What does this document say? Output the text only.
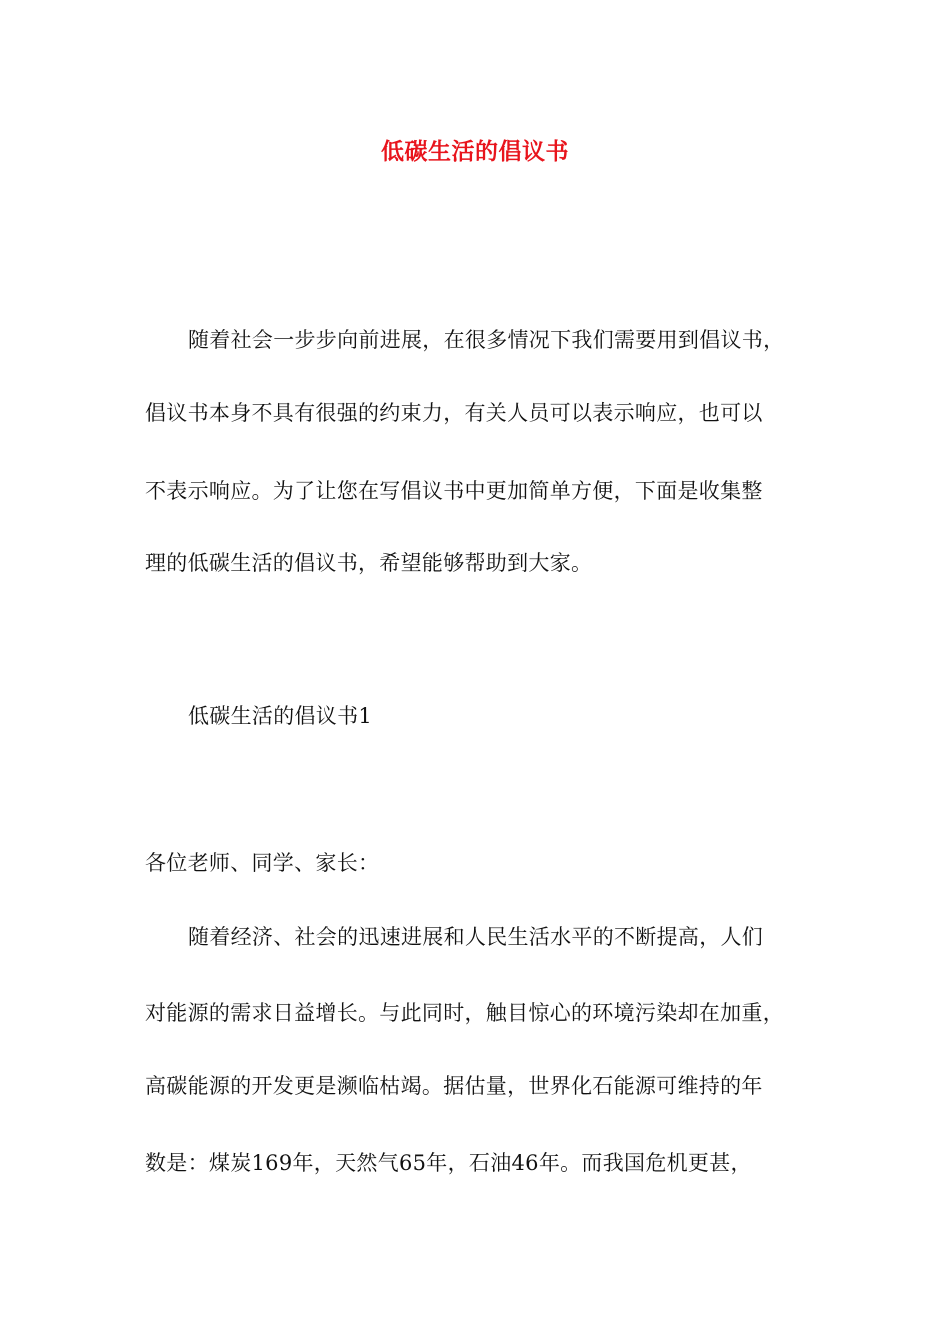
低碳生活的倡议书
随着社会一步步向前进展，在很多情况下我们需要用到倡议书，
倡议书本身不具有很强的约束力，有关人员可以表示响应，也可以
不表示响应。为了让您在写倡议书中更加简单方便，下面是收集整
理的低碳生活的倡议书，希望能够帮助到大家。
低碳生活的倡议书1
各位老师、同学、家长：
随着经济、社会的迅速进展和人民生活水平的不断提高，人们
对能源的需求日益增长。与此同时，触目惊心的环境污染却在加重，
高碳能源的开发更是濒临枯竭。据估量，世界化石能源可维持的年
数是：煤炭169年，天然气65年，石油46年。而我国危机更甚，
